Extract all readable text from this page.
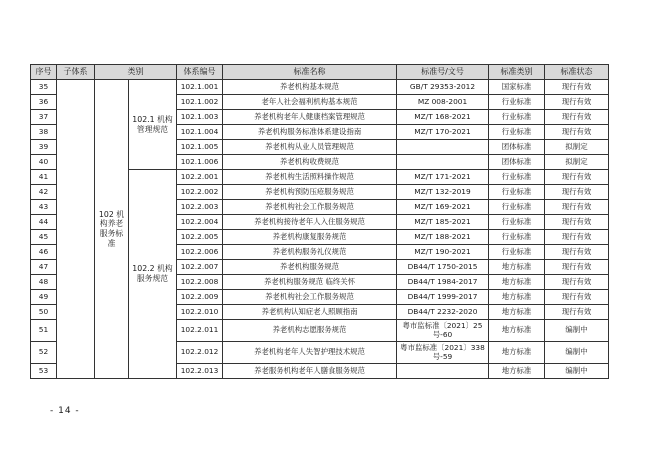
序号	子体系	类别		体系编号	标准名称	标准号/文号	标准类别	标准状态
35		102 机构养老服务标准	102.1 机构管理规范	102.1.001	养老机构基本规范	GB/T 29353-2012	国家标准	现行有效
36				102.1.002	老年人社会福利机构基本规范	MZ 008-2001	行业标准	现行有效
37				102.1.003	养老机构老年人健康档案管理规范	MZ/T 168-2021	行业标准	现行有效
38				102.1.004	养老机构服务标准体系建设指南	MZ/T 170-2021	行业标准	现行有效
39				102.1.005	养老机构从业人员管理规范		团体标准	拟制定
40				102.1.006	养老机构收费规范		团体标准	拟制定
41			102.2 机构服务规范	102.2.001	养老机构生活照料操作规范	MZ/T 171-2021	行业标准	现行有效
42				102.2.002	养老机构预防压疮服务规范	MZ/T 132-2019	行业标准	现行有效
43				102.2.003	养老机构社会工作服务规范	MZ/T 169-2021	行业标准	现行有效
44				102.2.004	养老机构接待老年人入住服务规范	MZ/T 185-2021	行业标准	现行有效
45				102.2.005	养老机构康复服务规范	MZ/T 188-2021	行业标准	现行有效
46				102.2.006	养老机构服务礼仪规范	MZ/T 190-2021	行业标准	现行有效
47				102.2.007	养老机构服务规范	DB44/T 1750-2015	地方标准	现行有效
48				102.2.008	养老机构服务规范 临终关怀	DB44/T 1984-2017	地方标准	现行有效
49				102.2.009	养老机构社会工作服务规范	DB44/T 1999-2017	地方标准	现行有效
50				102.2.010	养老机构认知症老人照顾指南	DB44/T 2232-2020	地方标准	现行有效
51				102.2.011	养老机构志愿服务规范	粤市监标准〔2021〕25 号-60	地方标准	编制中
52				102.2.012	养老机构老年人失智护理技术规范	粤市监标准〔2021〕338 号-59	地方标准	编制中
53				102.2.013	养老服务机构老年人膳食服务规范		地方标准	编制中
- 14 -
